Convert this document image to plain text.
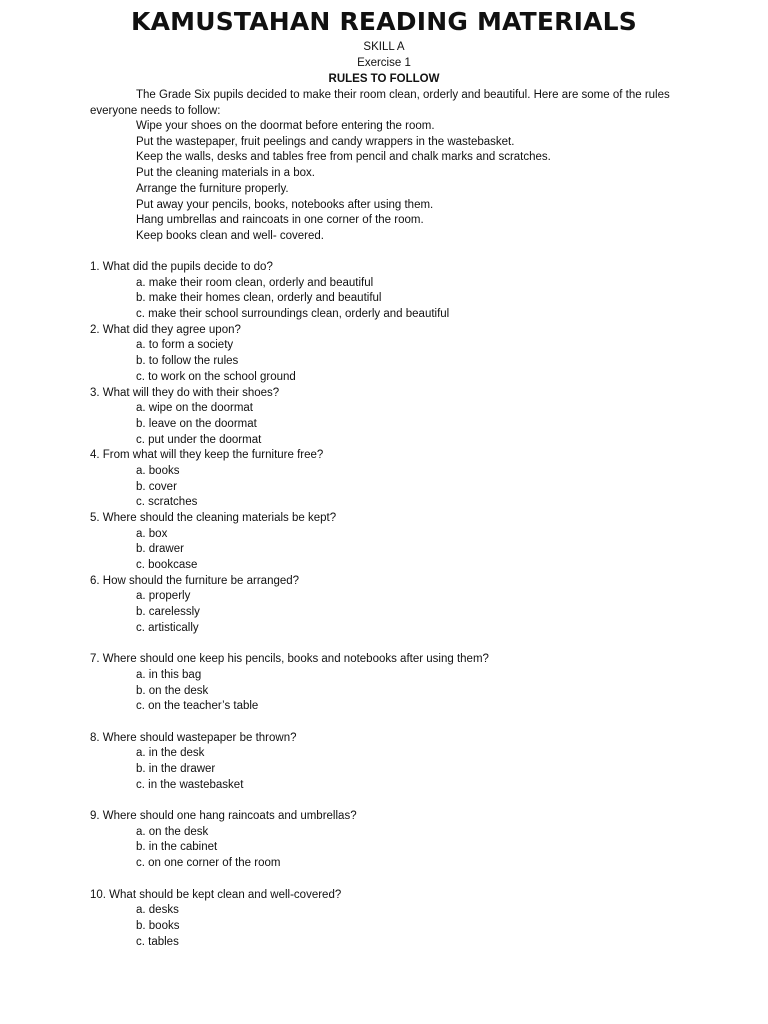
KAMUSTAHAN READING MATERIALS
SKILL A
Exercise 1
RULES TO FOLLOW
The Grade Six pupils decided to make their room clean, orderly and beautiful. Here are some of the rules everyone needs to follow:
Wipe your shoes on the doormat before entering the room.
Put the wastepaper, fruit peelings and candy wrappers in the wastebasket.
Keep the walls, desks and tables free from pencil and chalk marks and scratches.
Put the cleaning materials in a box.
Arrange the furniture properly.
Put away your pencils, books, notebooks after using them.
Hang umbrellas and raincoats in one corner of the room.
Keep books clean and well- covered.
1. What did the pupils decide to do?
a. make their room clean, orderly and beautiful
b. make their homes clean, orderly and beautiful
c. make their school surroundings clean, orderly and beautiful
2. What did they agree upon?
a. to form a society
b. to follow the rules
c. to work on the school ground
3. What will they do with their shoes?
a. wipe on the doormat
b. leave on the doormat
c. put under the doormat
4. From what will they keep the furniture free?
a. books
b. cover
c. scratches
5. Where should the cleaning materials be kept?
a. box
b. drawer
c. bookcase
6. How should the furniture be arranged?
a. properly
b. carelessly
c. artistically
7. Where should one keep his pencils, books and notebooks after using them?
a. in this bag
b. on the desk
c. on the teacher’s table
8. Where should wastepaper be thrown?
a. in the desk
b. in the drawer
c. in the wastebasket
9. Where should one hang raincoats and umbrellas?
a. on the desk
b. in the cabinet
c. on one corner of the room
10. What should be kept clean and well-covered?
a. desks
b. books
c. tables
